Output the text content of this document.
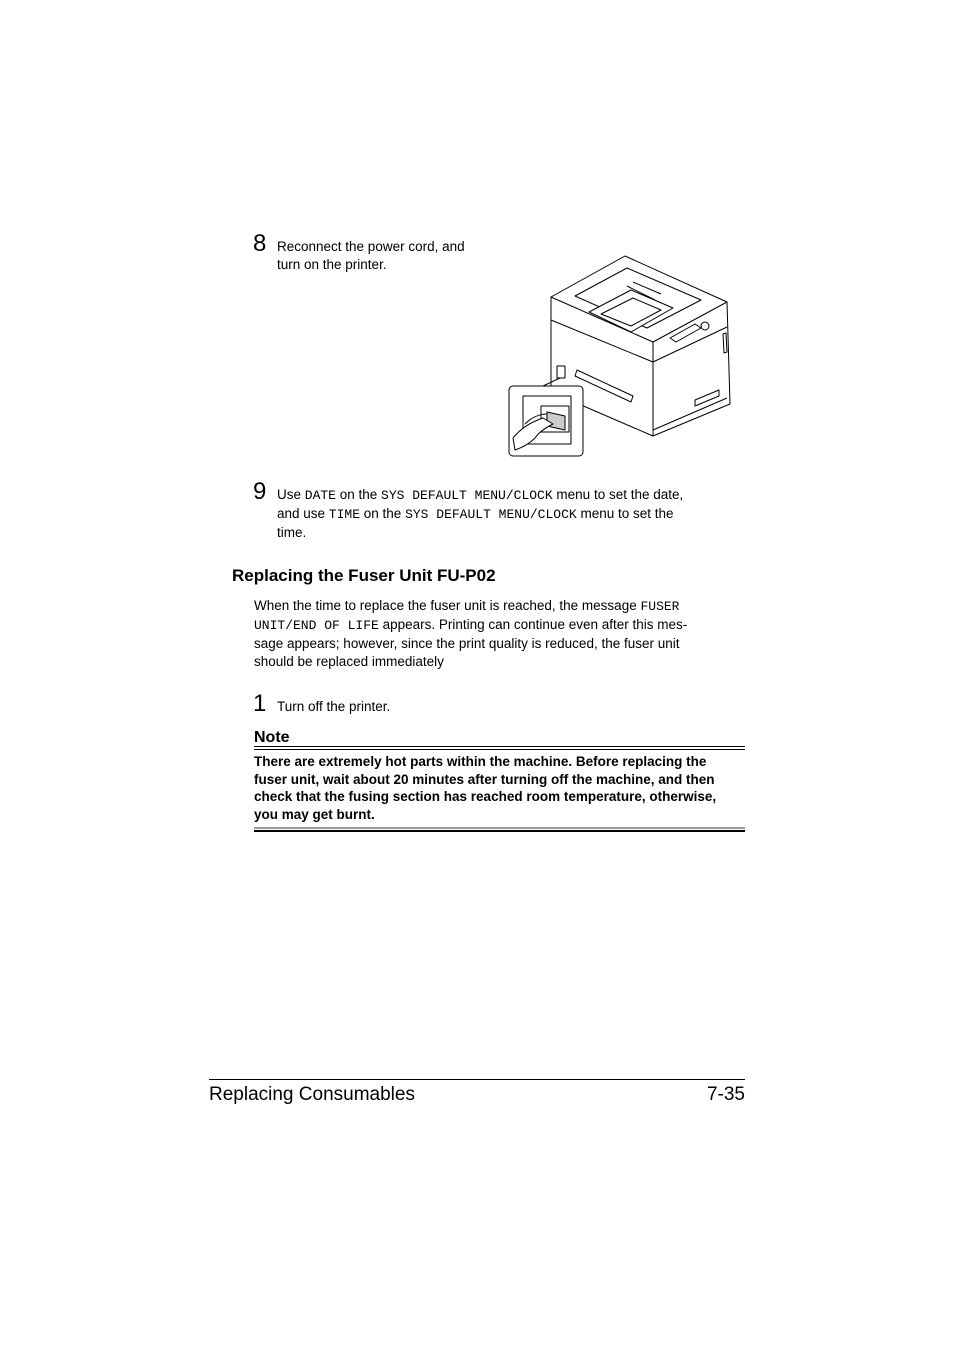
8 Reconnect the power cord, and
turn on the printer.
9 Use DATE on the SYS DEFAULT MENU/CLOCK menu to set the date,
and use TIME on the SYS DEFAULT MENU/CLOCK menu to set the
time.
Replacing the Fuser Unit FU-P02
When the time to replace the fuser unit is reached, the message FUSER
UNIT/END OF LIFE appears. Printing can continue even after this mes-
sage appears; however, since the print quality is reduced, the fuser unit
should be replaced immediately
1 Turn off the printer.
Note
There are extremely hot parts within the machine. Before replacing the
fuser unit, wait about 20 minutes after turning off the machine, and then
check that the fusing section has reached room temperature, otherwise,
you may get burnt.
Replacing Consumables	7-35
